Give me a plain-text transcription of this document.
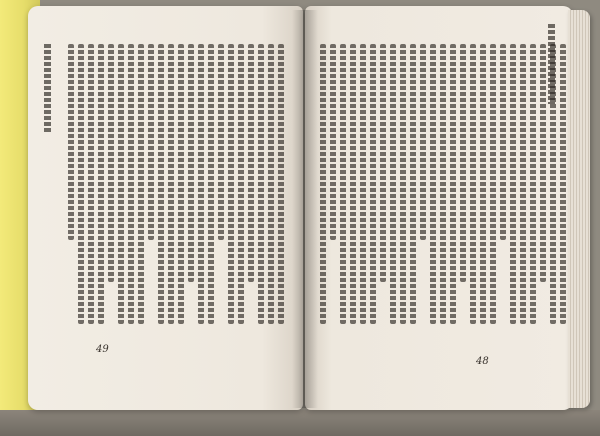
49
48
